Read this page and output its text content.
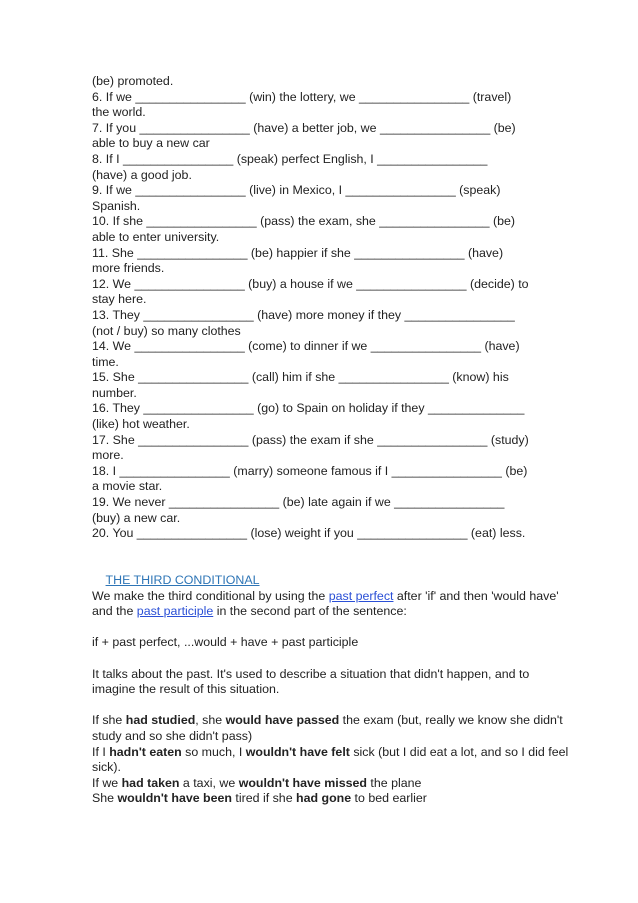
(be) promoted.
6. If we ________________ (win) the lottery, we ________________ (travel)
the world.
7. If you ________________ (have) a better job, we ________________ (be)
able to buy a new car
8. If I ________________ (speak) perfect English, I ________________
(have) a good job.
9. If we ________________ (live) in Mexico, I ________________ (speak)
Spanish.
10. If she ________________ (pass) the exam, she ________________ (be)
able to enter university.
11. She ________________ (be) happier if she ________________ (have)
more friends.
12. We ________________ (buy) a house if we ________________ (decide) to
stay here.
13. They ________________ (have) more money if they ________________
(not / buy) so many clothes
14. We ________________ (come) to dinner if we ________________ (have)
time.
15. She ________________ (call) him if she ________________ (know) his
number.
16. They ________________ (go) to Spain on holiday if they ______________
(like) hot weather.
17. She ________________ (pass) the exam if she ________________ (study)
more.
18. I ________________ (marry) someone famous if I ________________ (be)
a movie star.
19. We never ________________ (be) late again if we ________________
(buy) a new car.
20. You ________________ (lose) weight if you ________________ (eat) less.

THE THIRD CONDITIONAL

We make the third conditional by using the past perfect after 'if' and then 'would have'
and the past participle in the second part of the sentence:
if + past perfect, ...would + have + past participle
It talks about the past. It's used to describe a situation that didn't happen, and to
imagine the result of this situation.
If she had studied, she would have passed the exam (but, really we know she didn't
study and so she didn't pass)
If I hadn't eaten so much, I wouldn't have felt sick (but I did eat a lot, and so I did feel
sick).
If we had taken a taxi, we wouldn't have missed the plane
She wouldn't have been tired if she had gone to bed earlier
